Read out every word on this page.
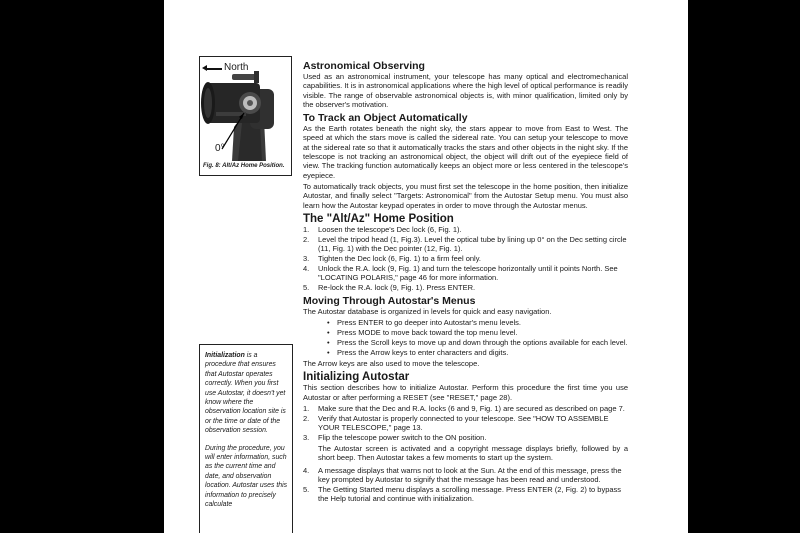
North
0°
Fig. 8: Alt/Az Home Position.

Initialization is a procedure that ensures that Autostar operates correctly. When you first use Autostar, it doesn't yet know where the observation location site is or the time or date of the observation session.

During the procedure, you will enter information, such as the current time and date, and observation location. Autostar uses this information to precisely calculate

Astronomical Observing

Used as an astronomical instrument, your telescope has many optical and electromechanical capabilities. It is in astronomical applications where the high level of optical performance is readily visible. The range of observable astronomical objects is, with minor qualification, limited only by the observer's motivation.

To Track an Object Automatically

As the Earth rotates beneath the night sky, the stars appear to move from East to West. The speed at which the stars move is called the sidereal rate. You can setup your telescope to move at the sidereal rate so that it automatically tracks the stars and other objects in the night sky. If the telescope is not tracking an astronomical object, the object will drift out of the eyepiece field of view. The tracking function automatically keeps an object more or less centered in the telescope's eyepiece.

To automatically track objects, you must first set the telescope in the home position, then initialize Autostar, and finally select "Targets: Astronomical" from the Autostar Setup menu. You must also learn how the Autostar keypad operates in order to move through the Autostar menus.

The "Alt/Az" Home Position
1. Loosen the telescope's Dec lock (6, Fig. 1).
2. Level the tripod head (1, Fig.3). Level the optical tube by lining up 0° on the Dec setting circle (11, Fig. 1) with the Dec pointer (12, Fig. 1).
3. Tighten the Dec lock (6, Fig. 1) to a firm feel only.
4. Unlock the R.A. lock (9, Fig. 1) and turn the telescope horizontally until it points North. See "LOCATING POLARIS," page 46 for more information.
5. Re-lock the R.A. lock (9, Fig. 1). Press ENTER.
Moving Through Autostar's Menus

The Autostar database is organized in levels for quick and easy navigation.

• Press ENTER to go deeper into Autostar's menu levels.
• Press MODE to move back toward the top menu level.
• Press the Scroll keys to move up and down through the options available for each level.
• Press the Arrow keys to enter characters and digits.

The Arrow keys are also used to move the telescope.

Initializing Autostar

This section describes how to initialize Autostar. Perform this procedure the first time you use Autostar or after performing a RESET (see "RESET," page 28).

1. Make sure that the Dec and R.A. locks (6 and 9, Fig. 1) are secured as described on page 7.
2. Verify that Autostar is properly connected to your telescope. See "HOW TO ASSEMBLE YOUR TELESCOPE," page 13.
3. Flip the telescope power switch to the ON position.

The Autostar screen is activated and a copyright message displays briefly, followed by a short beep. Then Autostar takes a few moments to start up the system.

4. A message displays that warns not to look at the Sun. At the end of this message, press the key prompted by Autostar to signify that the message has been read and understood.
5. The Getting Started menu displays a scrolling message. Press ENTER (2, Fig. 2) to bypass the Help tutorial and continue with initialization.
